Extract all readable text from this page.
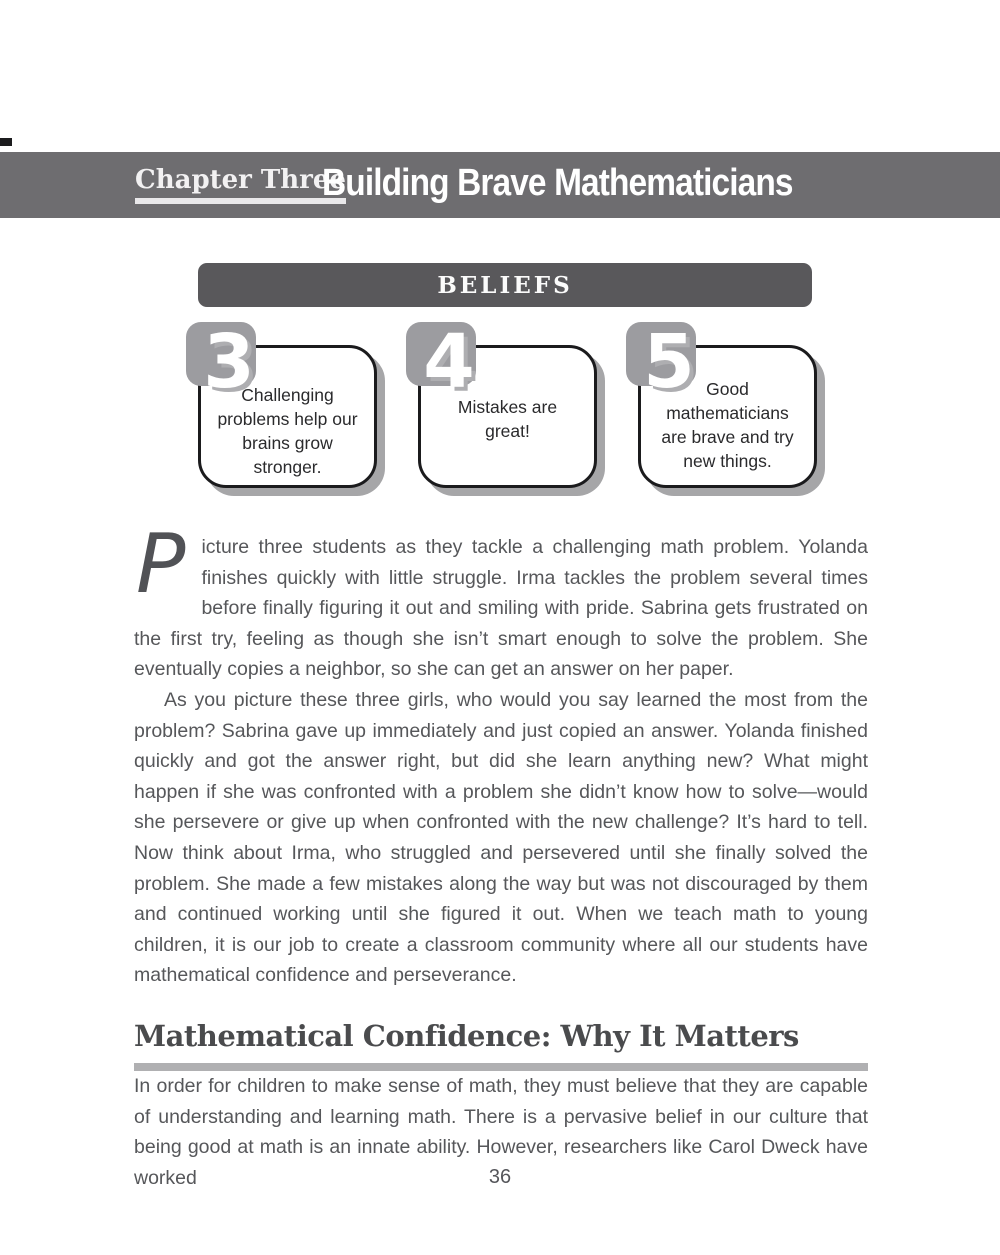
Chapter Three
Building Brave Mathematicians
BELIEFS
3
Challenging problems help our brains grow stronger.
4
Mistakes are great!
5 Good mathematicians are brave and try new things.

Picture three students as they tackle a challenging math problem. Yolanda finishes quickly with little struggle. Irma tackles the problem several times before finally figuring it out and smiling with pride. Sabrina gets frustrated on the first try, feeling as though she isn’t smart enough to solve the problem. She eventually copies a neighbor, so she can get an answer on her paper.

As you picture these three girls, who would you say learned the most from the problem? Sabrina gave up immediately and just copied an answer. Yolanda finished quickly and got the answer right, but did she learn anything new? What might happen if she was confronted with a problem she didn’t know how to solve—would she persevere or give up when confronted with the new challenge? It’s hard to tell. Now think about Irma, who struggled and persevered until she finally solved the problem. She made a few mistakes along the way but was not discouraged by them and continued working until she figured it out. When we teach math to young children, it is our job to create a classroom community where all our students have mathematical confidence and perseverance.

Mathematical Confidence: Why It Matters

In order for children to make sense of math, they must believe that they are capable of understanding and learning math. There is a pervasive belief in our culture that being good at math is an innate ability. However, researchers like Carol Dweck have worked	36
